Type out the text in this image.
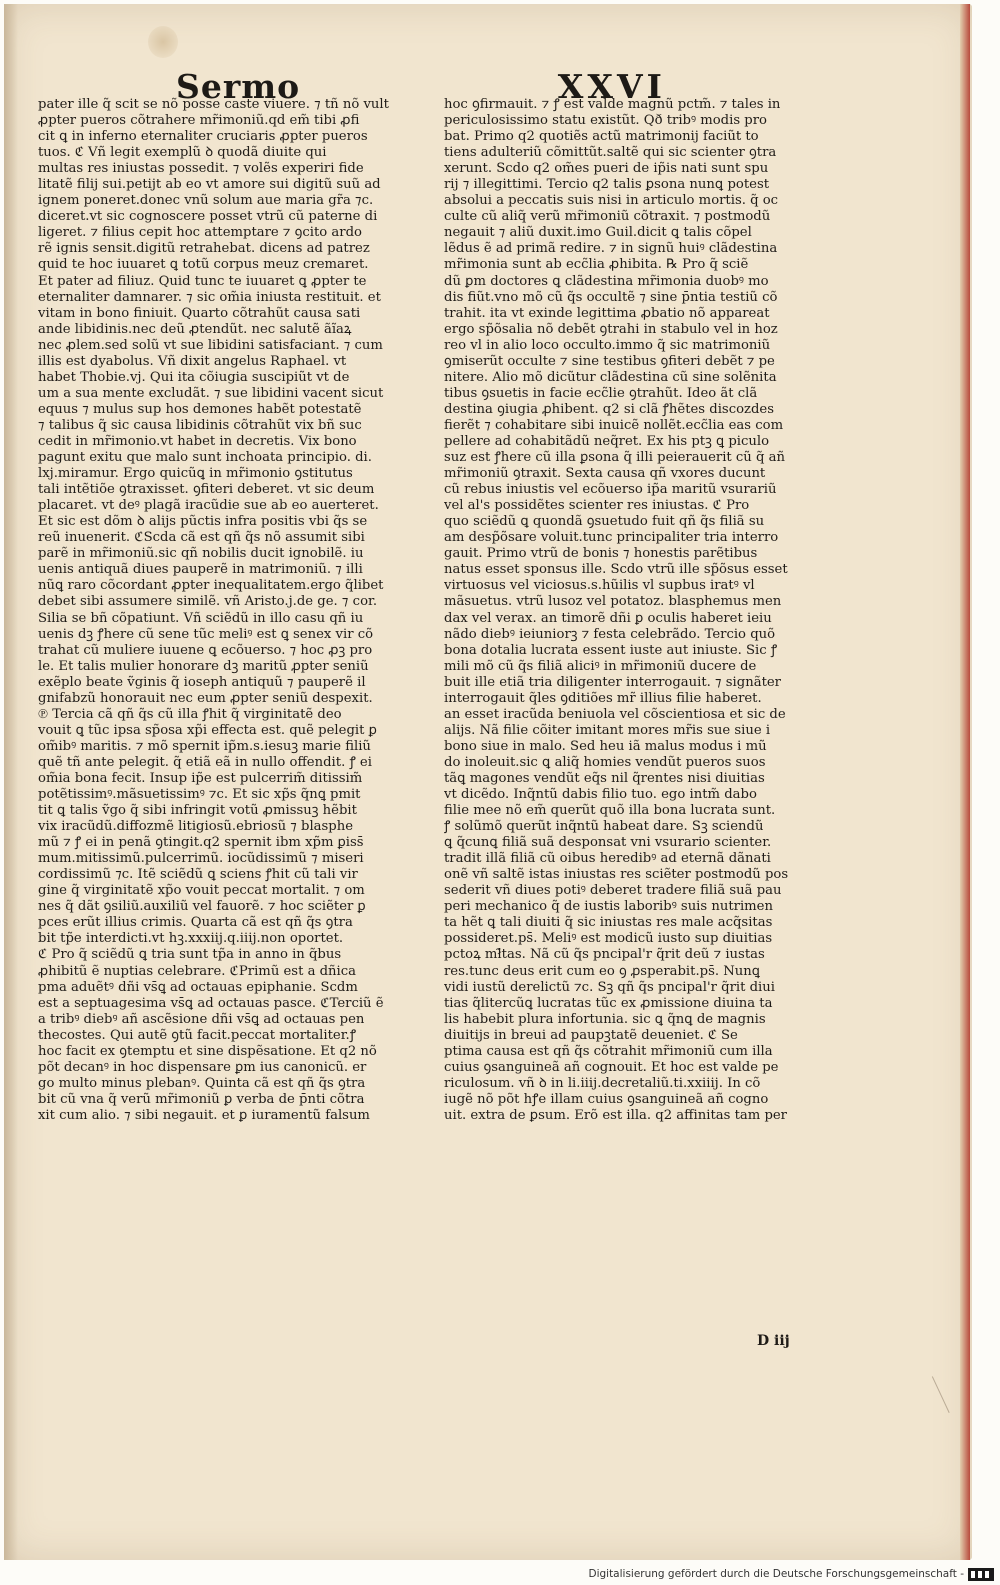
Sermo	XXVI
pater ille q̃ scit se nõ posse caste viuere. ⁊ tñ nõ vult
ꝓpter pueros cõtrahere mr̃imoniũ.qd em̃ tibi ꝓfi
cit ꝗ in inferno eternaliter cruciaris ꝓpter pueros
tuos. ℭ Vñ legit̃ exemplũ ꝺ quodã diuite qui
multas res iniustas possedit. ⁊ volẽs experiri fide
litatẽ filij sui.petijt ab eo vt amore sui digitũ suũ ad
ignem poneret.donec vnũ solum aue maria gr̃a ⁊c.
diceret.vt sic cognoscere posset vtrũ cũ paterne di
ligeret. ⁊ filius cepit hoc attemptare ⁊ ꝯcito ardo
rẽ ignis sensit.digitũ retrahebat. dicens ad patrez
quid te hoc iuuaret ꝗ totũ corpus meuz cremaret.
Et pater ad filiuz. Quid tunc te iuuaret ꝗ ꝓpter te
eternaliter damnarer. ⁊ sic om̃ia iniusta restituit. et
vitam in bono finiuit. Quarto cõtrahũt causa sati
ande libidinis.nec deũ ꝓtendũt. nec salutẽ ãĩaꝝ
nec ꝓlem.sed solũ vt sue libidini satisfaciant. ⁊ cum
illis est dyabolus. Vñ dixit angelus Raphael. vt
habet̃ Thobie.vj. Qui ita cõiugia suscipiũt vt de
um a sua mente excludãt. ⁊ sue libidini vacent sicut
equus ⁊ mulus sup hos demones habẽt potestatẽ
⁊ talibus q̃ sic causa libidinis cõtrahũt vix bñ suc
cedit in mr̃imonio.vt habet̃ in decretis. Vix bono
pagunt̃ exitu que malo sunt inchoata principio. di.
lxj.miramur. Ergo quicũꝗ in mr̃imonio ꝯstitutus
tali intẽtiõe ꝯtraxisset. ꝯfiteri deberet. vt sic deum
placaret. vt deꝰ plagã iracũdie sue ab eo auerteret.
Et sic est dõm ꝺ alijs pũctis infra positis vbi q̃s se
reũ inuenerit. ℭScda cã est qñ q̃s nõ assumit sibi
parẽ in mr̃imoniũ.sic qñ nobilis ducit ignobilẽ. iu
uenis antiquã diues pauperẽ in matrimoniũ. ⁊ illi
nũꝗ raro cõcordant ꝓpter inequalitatem.ergo q̃libet
debet sibi assumere similẽ. vñ Aristo.j.de ge. ⁊ cor.
Silia se bñ cõpatiunt̃. Vñ sciẽdũ in illo casu qñ iu
uenis dꝫ ꝭhere cũ sene tũc meliꝰ est ꝗ senex vir cõ
trahat cũ muliere iuuene ꝗ ecõuerso. ⁊ hoc ꝓꝫ pro
le. Et talis mulier honorare dꝫ maritũ ꝓpter seniũ
exẽplo beate ṽginis q̃ ioseph antiquũ ⁊ pauperẽ il
gnifabzũ honorauit nec eum ꝓpter seniũ despexit.
℗ Tercia cã qñ q̃s cũ illa ꝭhit q̃ virginitatẽ deo
vouit ꝗ tũc ipsa sp̃osa xp̃i effecta est. quẽ pelegit ꝑ
om̃ibꝰ maritis. ⁊ mõ spernit ip̃m.s.iesuꝫ marie filiũ
quẽ tñ ante pelegit. q̃ etiã eã in nullo offendit. ꝭ ei
om̃ia bona fecit. Insup ip̃e est pulcerrim̃ ditissim̃
potẽtissimꝰ.mãsuetissimꝰ ⁊c. Et sic xp̃s q̃nꝗ pmit
tit ꝗ talis ṽgo q̃ sibi infringit votũ ꝓmissuꝫ hẽbit
vix iracũdũ.diffozmẽ litigiosũ.ebriosũ ⁊ blasphe
mũ ⁊ ꝭ ei in penã ꝯtingit.q2 spernit ibm xp̃m ꝑiss̄
mum.mitissimũ.pulcerrimũ. iocũdissimũ ⁊ miseri
cordissimũ ⁊c. Itẽ sciẽdũ ꝗ sciens ꝭhit cũ tali vir
gine q̃ virginitatẽ xp̃o vouit peccat mortalit̃. ⁊ om
nes q̃ dãt ꝯsiliũ.auxiliũ vel fauorẽ. ⁊ hoc sciẽter ꝑ
pces erũt illius crimis. Quarta cã est qñ q̃s ꝯtra
bit tp̃e interdicti.vt hꝫ.xxxiij.q.iiij.non oportet.
ℭ Pro q̃ sciẽdũ ꝗ tria sunt tp̃a in anno in q̃bus
ꝓhibitũ ẽ nuptias celebrare. ℭPrimũ est a dñica
pma aduẽtꝰ dñi vs̄ꝗ ad octauas epiphanie. Scdm
est a septuagesima vs̄ꝗ ad octauas pasce. ℭTerciũ ẽ
a tribꝰ diebꝰ añ ascẽsione dñi vs̄ꝗ ad octauas pen
thecostes. Qui autẽ ꝯtũ facit.peccat mortaliter.ꝭ
hoc facit ex ꝯtemptu et sine dispẽsatione. Et q2 nõ
põt decanꝰ in hoc dispensare ꝑm ius canonicũ. er
go multo minus plebanꝰ. Quinta cã est qñ q̃s ꝯtra
bit cũ vna q̃ verũ mr̃imoniũ ꝑ verba de p̄nti cõtra
xit cum alio. ⁊ sibi negauit. et ꝑ iuramentũ falsum
hoc ꝯfirmauit. ⁊ ꝭ est valde magnũ pctm̃. ⁊ tales in
periculosissimo statu existũt. Qð tribꝰ modis pro
bat̃. Primo q2 quotiẽs actũ matrimonij faciũt to
tiens adulteriũ cõmittũt.saltẽ qui sic scienter ꝯtra
xerunt. Scdo q2 om̃es pueri de ip̃is nati sunt spu
rij ⁊ illegittimi. Tercio q2 talis ꝑsona nunꝗ potest
absolui a peccatis suis nisi in articulo mortis. q̃ oc
culte cũ aliq̃ verũ mr̃imoniũ cõtraxit. ⁊ postmodũ
negauit ⁊ aliũ duxit.imo Guil̃.dicit ꝗ talis cõpel
lẽdus ẽ ad primã redire. ⁊ in signũ huiꝰ clãdestina
mr̃imonia sunt ab ecc̃lia ꝓhibita. ℞ Pro q̃ sciẽ
dũ ꝑm doctores ꝗ clãdestina mr̃imonia duobꝰ mo
dis fiũt.vno mõ cũ q̃s occultẽ ⁊ sine p̄ntia testiũ cõ
trahit. ita vt exinde legittima ꝓbatio nõ appareat
ergo sp̃õsalia nõ debẽt ꝯtrahi in stabulo vel in hoz
reo vl̃ in alio loco occulto.immo q̃ sic matrimoniũ
ꝯmiserũt occulte ⁊ sine testibus ꝯfiteri debẽt ⁊ pe
nitere. Alio mõ dicũtur clãdestina cũ sine solẽnita
tibus ꝯsuetis in facie ecc̃lie ꝯtrahũt. Ideo ãt clã
destina ꝯiugia ꝓhibent̃. q2 si clã ꝭhẽtes discozdes
fierẽt ⁊ cohabitare sibi inuicẽ nollẽt.ecc̃lia eas com
pellere ad cohabitãdũ neq̃ret. Ex his ptꝫ ꝗ piculo
suz est ꝭhere cũ illa ꝑsona q̃ illi peierauerit cũ q̃ añ
mr̃imoniũ ꝯtraxit. Sexta causa qñ vxores ducunt
cũ rebus iniustis vel ecõuerso ip̃a maritũ vsurariũ
vel al's possidẽtes scienter res iniustas. ℭ Pro
quo sciẽdũ ꝗ quondã ꝯsuetudo fuit qñ q̃s filiã su
am desp̃õsare voluit.tunc principaliter tria interro
gauit. Primo vtrũ de bonis ⁊ honestis parẽtibus
natus esset sponsus ille. Scdo vtrũ ille sp̃õsus esset
virtuosus vel viciosus.s.hũilis vl̃ supbus iratꝰ vl̃
mãsuetus. vtrũ lusoz vel potatoz. blasphemus men
dax vel verax. an timorẽ dñi ꝑ oculis haberet ieiu
nãdo diebꝰ ieiuniorꝫ ⁊ festa celebrãdo. Tercio quõ
bona dotalia lucrata essent iuste aut iniuste. Sic ꝭ
mili mõ cũ q̃s filiã aliciꝰ in mr̃imoniũ ducere de
buit ille etiã tria diligenter interrogauit. ⁊ signãter
interrogauit q̃les ꝯditiões mr̃ illius filie haberet.
an esset iracũda beniuola vel cõscientiosa et sic de
alijs. Nã filie cõiter imitant̃ mores mr̃is sue siue i
bono siue in malo. Sed heu iã malus modus i mũ
do inoleuit.sic ꝗ aliq̃ homies vendũt pueros suos
tãꝗ magones vendũt eq̃s nil q̃rentes nisi diuitias
vt dicẽdo. Inq̃ntũ dabis filio tuo. ego intm̃ dabo
filie mee nõ em̃ querũt quõ illa bona lucrata sunt.
ꝭ solũmõ querũt inq̃ntũ habeat dare. Sꝫ sciendũ
ꝗ q̃cunꝗ filiã suã desponsat vni vsurario scienter.
tradit illã filiã cũ oibus heredibꝰ ad eternã dãnati
onẽ vñ saltẽ istas iniustas res sciẽter postmodũ pos
sederit vñ diues potiꝰ deberet tradere filiã suã pau
peri mechanico q̃ de iustis laboribꝰ suis nutrimen
ta hẽt ꝗ tali diuiti q̃ sic iniustas res male acq̃sitas
possideret.ps̄. Meliꝰ est modicũ iusto sup diuitias
pctoꝝ mł̃tas. Nã cũ q̃s pncipal'r q̃rit deũ ⁊ iustas
res.tunc deus erit cum eo ꝯ ꝓsperabit.ps̄. Nunꝗ
vidi iustũ derelictũ ⁊c. Sꝫ qñ q̃s pncipal'r q̃rit diui
tias q̃litercũꝗ lucratas tũc ex ꝓmissione diuina ta
lis habebit plura infortunia. sic ꝗ q̃nꝗ de magnis
diuitijs in breui ad paupꝫtatẽ deueniet. ℭ Se
ptima causa est qñ q̃s cõtrahit mr̃imoniũ cum illa
cuius ꝯsanguineã añ cognouit. Et hoc est valde pe
riculosum. vñ ꝺ in li.iiij.decretaliũ.ti.xxiiij. In cõ
iugẽ nõ põt hꝭe illam cuius ꝯsanguineã añ cogno
uit. extra de ꝑsum. Erõ est illa. q2 affinitas tam per
D iij
Digitalisierung gefördert durch die Deutsche Forschungsgemeinschaft -
